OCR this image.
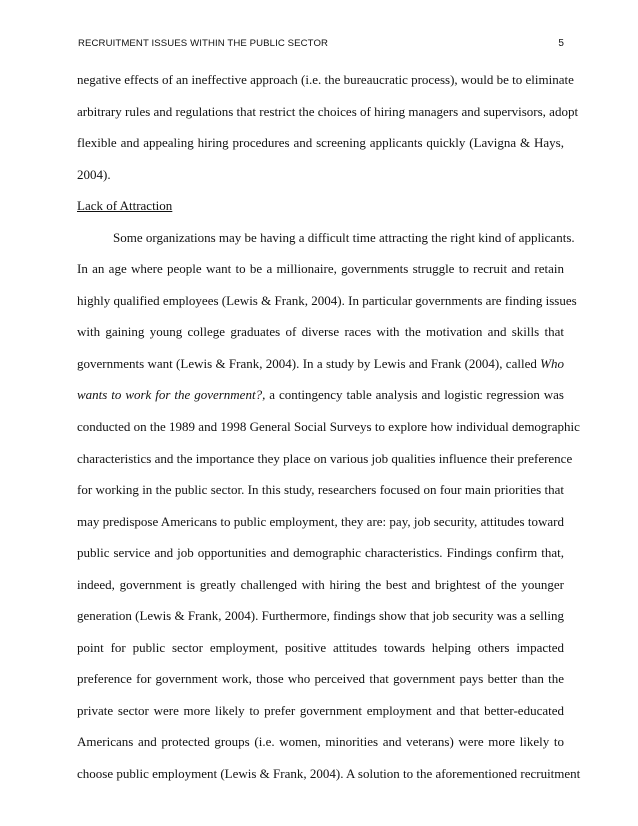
RECRUITMENT ISSUES WITHIN THE PUBLIC SECTOR	5
negative effects of an ineffective approach (i.e. the bureaucratic process), would be to eliminate
arbitrary rules and regulations that restrict the choices of hiring managers and supervisors, adopt
flexible and appealing hiring procedures and screening applicants quickly (Lavigna & Hays,
2004).
Lack of Attraction
Some organizations may be having a difficult time attracting the right kind of applicants.
In an age where people want to be a millionaire, governments struggle to recruit and retain
highly qualified employees (Lewis & Frank, 2004). In particular governments are finding issues
with gaining young college graduates of diverse races with the motivation and skills that
governments want (Lewis & Frank, 2004). In a study by Lewis and Frank (2004), called Who
wants to work for the government?, a contingency table analysis and logistic regression was
conducted on the 1989 and 1998 General Social Surveys to explore how individual demographic
characteristics and the importance they place on various job qualities influence their preference
for working in the public sector. In this study, researchers focused on four main priorities that
may predispose Americans to public employment, they are: pay, job security, attitudes toward
public service and job opportunities and demographic characteristics. Findings confirm that,
indeed, government is greatly challenged with hiring the best and brightest of the younger
generation (Lewis & Frank, 2004). Furthermore, findings show that job security was a selling
point for public sector employment, positive attitudes towards helping others impacted
preference for government work, those who perceived that government pays better than the
private sector were more likely to prefer government employment and that better-educated
Americans and protected groups (i.e. women, minorities and veterans) were more likely to
choose public employment (Lewis & Frank, 2004). A solution to the aforementioned recruitment
